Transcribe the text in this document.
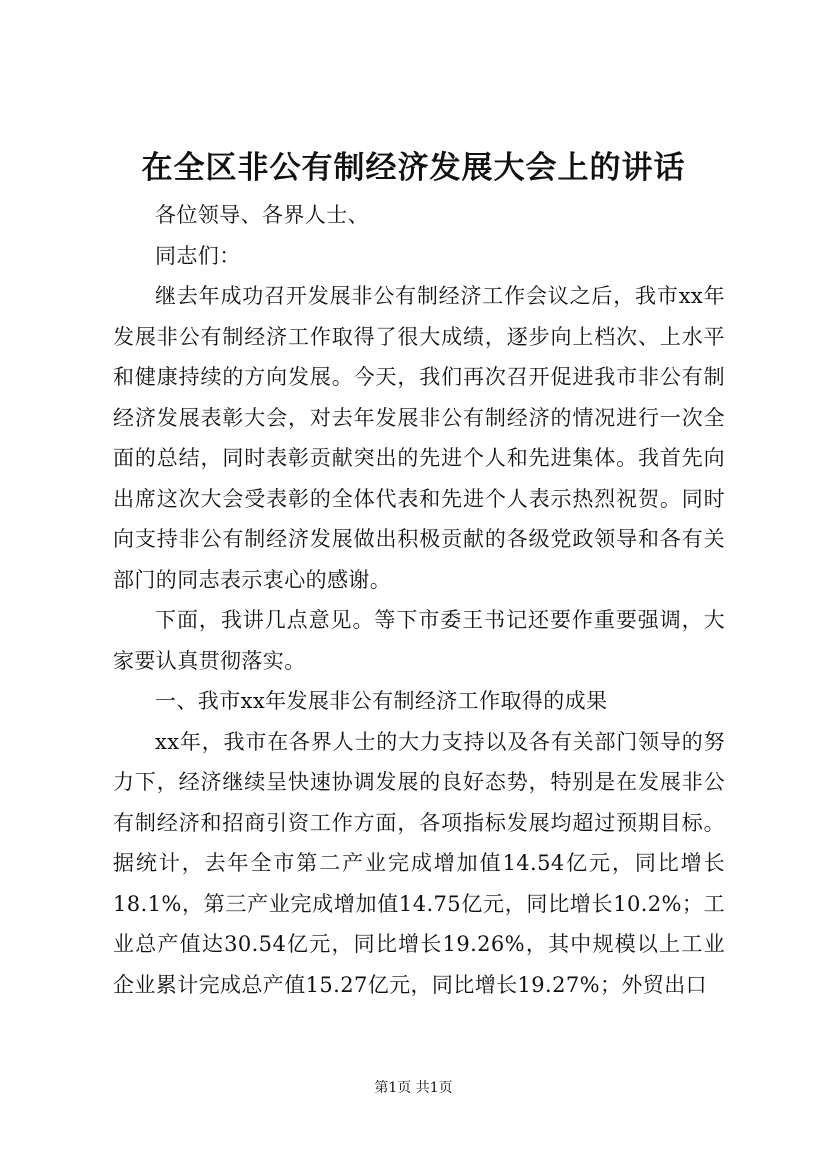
在全区非公有制经济发展大会上的讲话

各位领导、各界人士、

同志们：

继去年成功召开发展非公有制经济工作会议之后，我市xx年发展非公有制经济工作取得了很大成绩，逐步向上档次、上水平和健康持续的方向发展。今天，我们再次召开促进我市非公有制经济发展表彰大会，对去年发展非公有制经济的情况进行一次全面的总结，同时表彰贡献突出的先进个人和先进集体。我首先向出席这次大会受表彰的全体代表和先进个人表示热烈祝贺。同时向支持非公有制经济发展做出积极贡献的各级党政领导和各有关部门的同志表示衷心的感谢。

下面，我讲几点意见。等下市委王书记还要作重要强调，大家要认真贯彻落实。

一、我市xx年发展非公有制经济工作取得的成果

xx年，我市在各界人士的大力支持以及各有关部门领导的努力下，经济继续呈快速协调发展的良好态势，特别是在发展非公有制经济和招商引资工作方面，各项指标发展均超过预期目标。据统计，去年全市第二产业完成增加值14.54亿元，同比增长18.1%，第三产业完成增加值14.75亿元，同比增长10.2%；工业总产值达30.54亿元，同比增长19.26%，其中规模以上工业企业累计完成总产值15.27亿元，同比增长19.27%；外贸出口

第1页 共1页
